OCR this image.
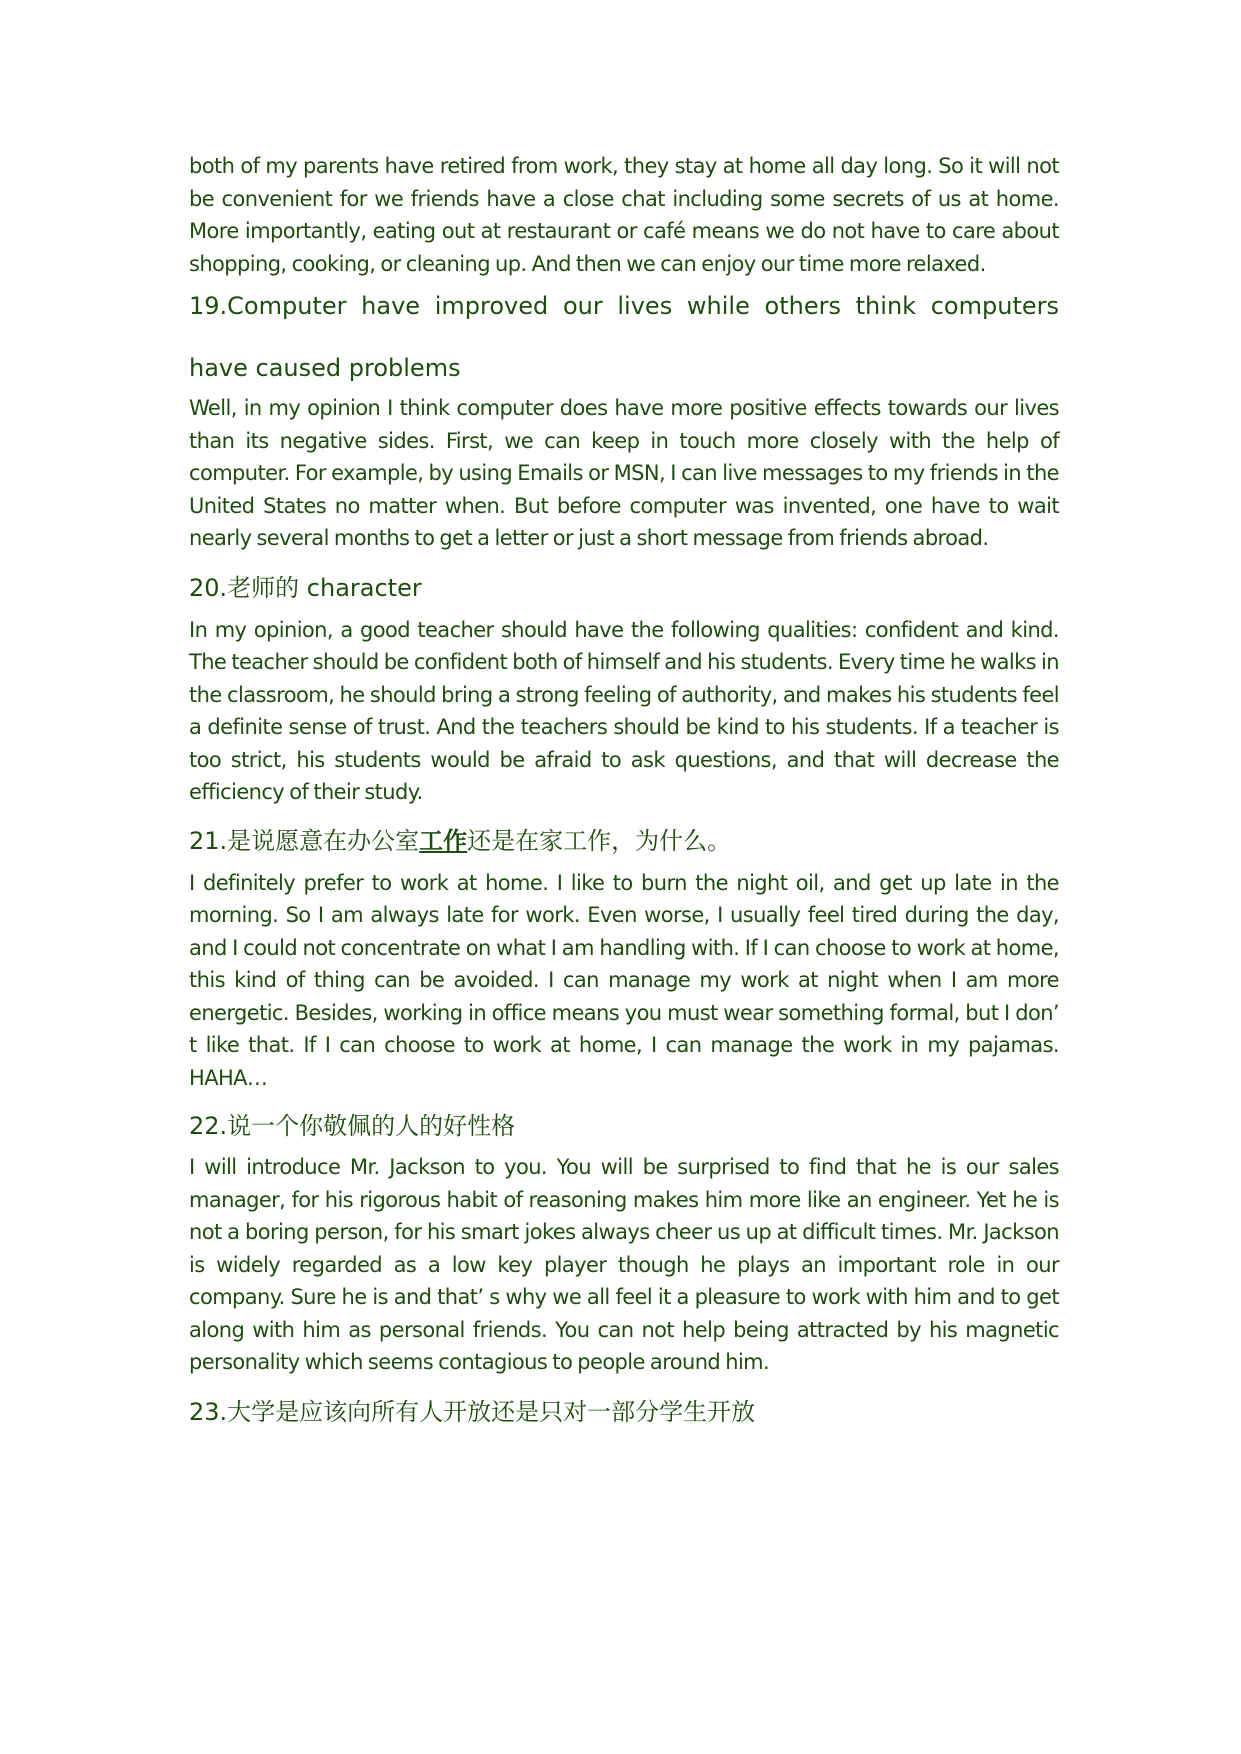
both of my parents have retired from work, they stay at home all day long. So it will not be convenient for we friends have a close chat including some secrets of us at home. More importantly, eating out at restaurant or café means we do not have to care about shopping, cooking, or cleaning up. And then we can enjoy our time more relaxed.

19.Computer have improved our lives while others think computers

have caused problems

Well, in my opinion I think computer does have more positive effects towards our lives than its negative sides. First, we can keep in touch more closely with the help of computer. For example, by using Emails or MSN, I can live messages to my friends in the United States no matter when. But before computer was invented, one have to wait nearly several months to get a letter or just a short message from friends abroad.

20.老师的 character

In my opinion, a good teacher should have the following qualities: confident and kind. The teacher should be confident both of himself and his students. Every time he walks in the classroom, he should bring a strong feeling of authority, and makes his students feel a definite sense of trust. And the teachers should be kind to his students. If a teacher is too strict, his students would be afraid to ask questions, and that will decrease the efficiency of their study.

21.是说愿意在办公室工作还是在家工作，为什么。

I definitely prefer to work at home. I like to burn the night oil, and get up late in the morning. So I am always late for work. Even worse, I usually feel tired during the day, and I could not concentrate on what I am handling with. If I can choose to work at home, this kind of thing can be avoided. I can manage my work at night when I am more energetic. Besides, working in office means you must wear something formal, but I don’ t like that. If I can choose to work at home, I can manage the work in my pajamas. HAHA…

22.说一个你敬佩的人的好性格

I will introduce Mr. Jackson to you. You will be surprised to find that he is our sales manager, for his rigorous habit of reasoning makes him more like an engineer. Yet he is not a boring person, for his smart jokes always cheer us up at difficult times. Mr. Jackson is widely regarded as a low key player though he plays an important role in our company. Sure he is and that’ s why we all feel it a pleasure to work with him and to get along with him as personal friends. You can not help being attracted by his magnetic personality which seems contagious to people around him.

23.大学是应该向所有人开放还是只对一部分学生开放
